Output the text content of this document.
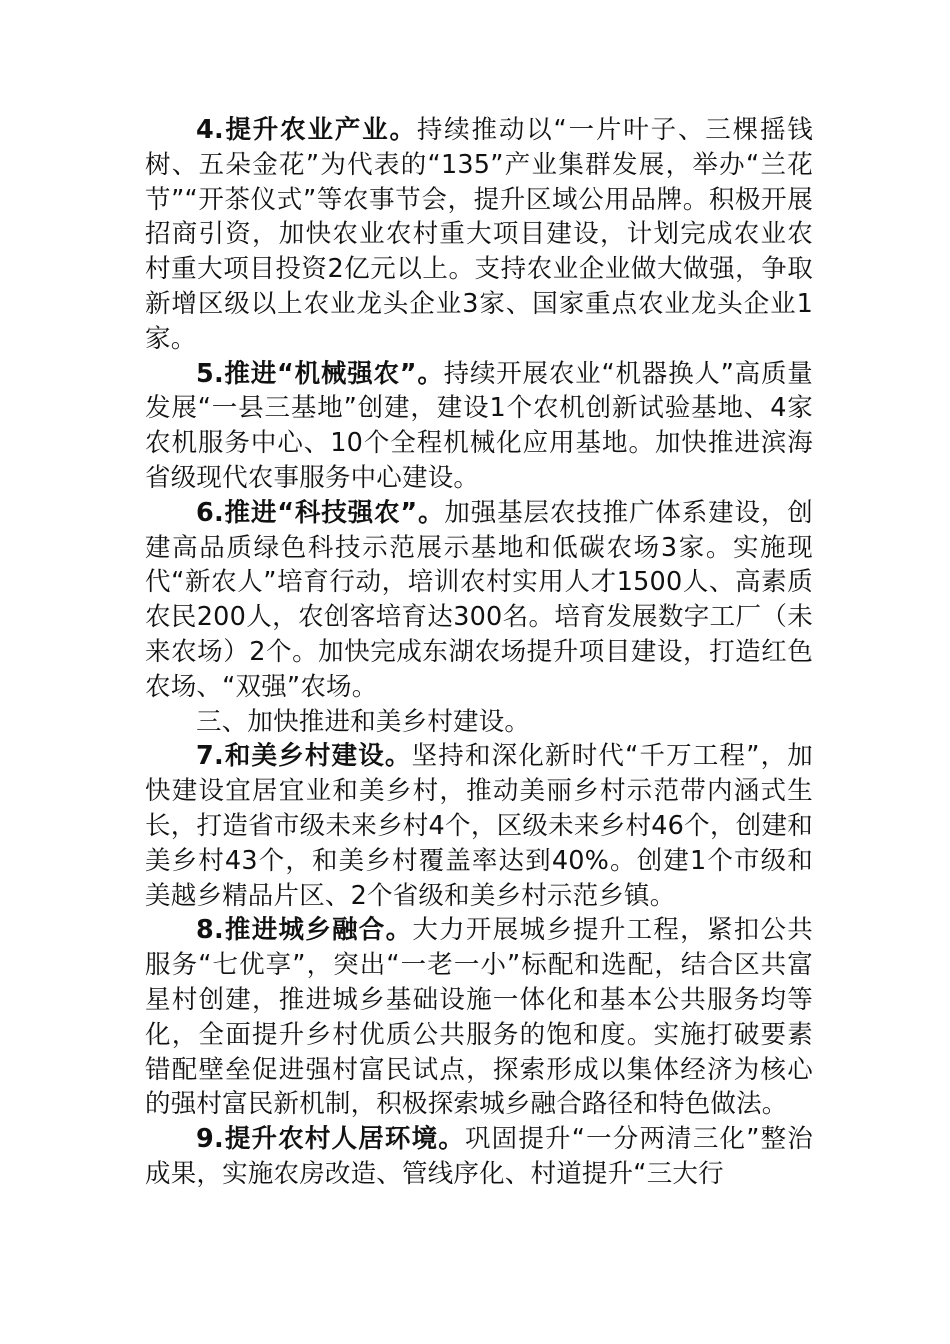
4.提升农业产业。持续推动以“一片叶子、三棵摇钱树、五朵金花”为代表的“135”产业集群发展，举办“兰花节”“开茶仪式”等农事节会，提升区域公用品牌。积极开展招商引资，加快农业农村重大项目建设，计划完成农业农村重大项目投资2亿元以上。支持农业企业做大做强，争取新增区级以上农业龙头企业3家、国家重点农业龙头企业1家。

5.推进“机械强农”。持续开展农业“机器换人”高质量发展“一县三基地”创建，建设1个农机创新试验基地、4家农机服务中心、10个全程机械化应用基地。加快推进滨海省级现代农事服务中心建设。

6.推进“科技强农”。加强基层农技推广体系建设，创建高品质绿色科技示范展示基地和低碳农场3家。实施现代“新农人”培育行动，培训农村实用人才1500人、高素质农民200人，农创客培育达300名。培育发展数字工厂（未来农场）2个。加快完成东湖农场提升项目建设，打造红色农场、“双强”农场。

三、加快推进和美乡村建设。

7.和美乡村建设。坚持和深化新时代“千万工程”，加快建设宜居宜业和美乡村，推动美丽乡村示范带内涵式生长，打造省市级未来乡村4个，区级未来乡村46个，创建和美乡村43个，和美乡村覆盖率达到40%。创建1个市级和美越乡精品片区、2个省级和美乡村示范乡镇。

8.推进城乡融合。大力开展城乡提升工程，紧扣公共服务“七优享”，突出“一老一小”标配和选配，结合区共富星村创建，推进城乡基础设施一体化和基本公共服务均等化，全面提升乡村优质公共服务的饱和度。实施打破要素错配壁垒促进强村富民试点，探索形成以集体经济为核心的强村富民新机制，积极探索城乡融合路径和特色做法。

9.提升农村人居环境。巩固提升“一分两清三化”整治成果，实施农房改造、管线序化、村道提升“三大行
